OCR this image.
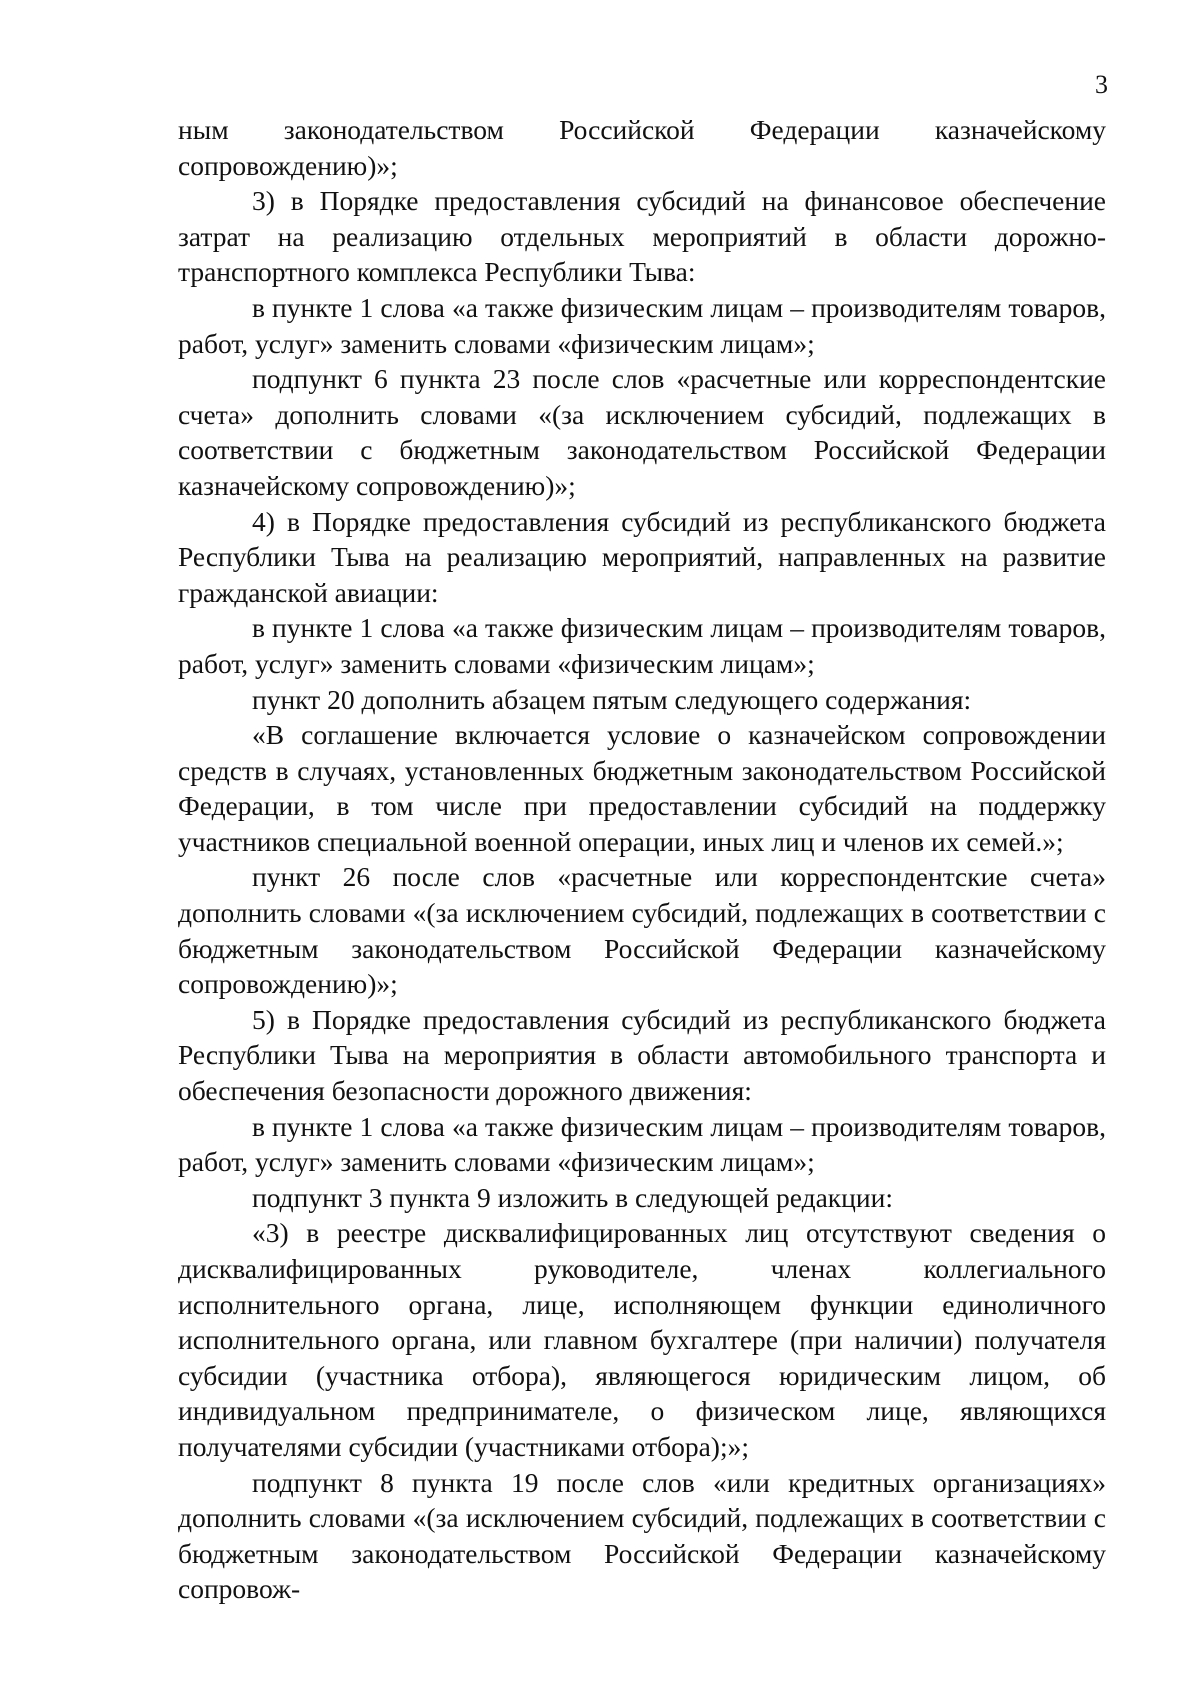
3

ным законодательством Российской Федерации казначейскому сопровождению)»;

3) в Порядке предоставления субсидий на финансовое обеспечение затрат на реализацию отдельных мероприятий в области дорожно-транспортного комплекса Республики Тыва:

в пункте 1 слова «а также физическим лицам – производителям товаров, работ, услуг» заменить словами «физическим лицам»;

подпункт 6 пункта 23 после слов «расчетные или корреспондентские счета» дополнить словами «(за исключением субсидий, подлежащих в соответствии с бюджетным законодательством Российской Федерации казначейскому сопровождению)»;

4) в Порядке предоставления субсидий из республиканского бюджета Республики Тыва на реализацию мероприятий, направленных на развитие гражданской авиации:

в пункте 1 слова «а также физическим лицам – производителям товаров, работ, услуг» заменить словами «физическим лицам»;

пункт 20 дополнить абзацем пятым следующего содержания:

«В соглашение включается условие о казначейском сопровождении средств в случаях, установленных бюджетным законодательством Российской Федерации, в том числе при предоставлении субсидий на поддержку участников специальной военной операции, иных лиц и членов их семей.»;

пункт 26 после слов «расчетные или корреспондентские счета» дополнить словами «(за исключением субсидий, подлежащих в соответствии с бюджетным законодательством Российской Федерации казначейскому сопровождению)»;

5) в Порядке предоставления субсидий из республиканского бюджета Республики Тыва на мероприятия в области автомобильного транспорта и обеспечения безопасности дорожного движения:

в пункте 1 слова «а также физическим лицам – производителям товаров, работ, услуг» заменить словами «физическим лицам»;

подпункт 3 пункта 9 изложить в следующей редакции:

«3) в реестре дисквалифицированных лиц отсутствуют сведения о дисквалифицированных руководителе, членах коллегиального исполнительного органа, лице, исполняющем функции единоличного исполнительного органа, или главном бухгалтере (при наличии) получателя субсидии (участника отбора), являющегося юридическим лицом, об индивидуальном предпринимателе, о физическом лице, являющихся получателями субсидии (участниками отбора);»;

подпункт 8 пункта 19 после слов «или кредитных организациях» дополнить словами «(за исключением субсидий, подлежащих в соответствии с бюджетным законодательством Российской Федерации казначейскому сопровож-
